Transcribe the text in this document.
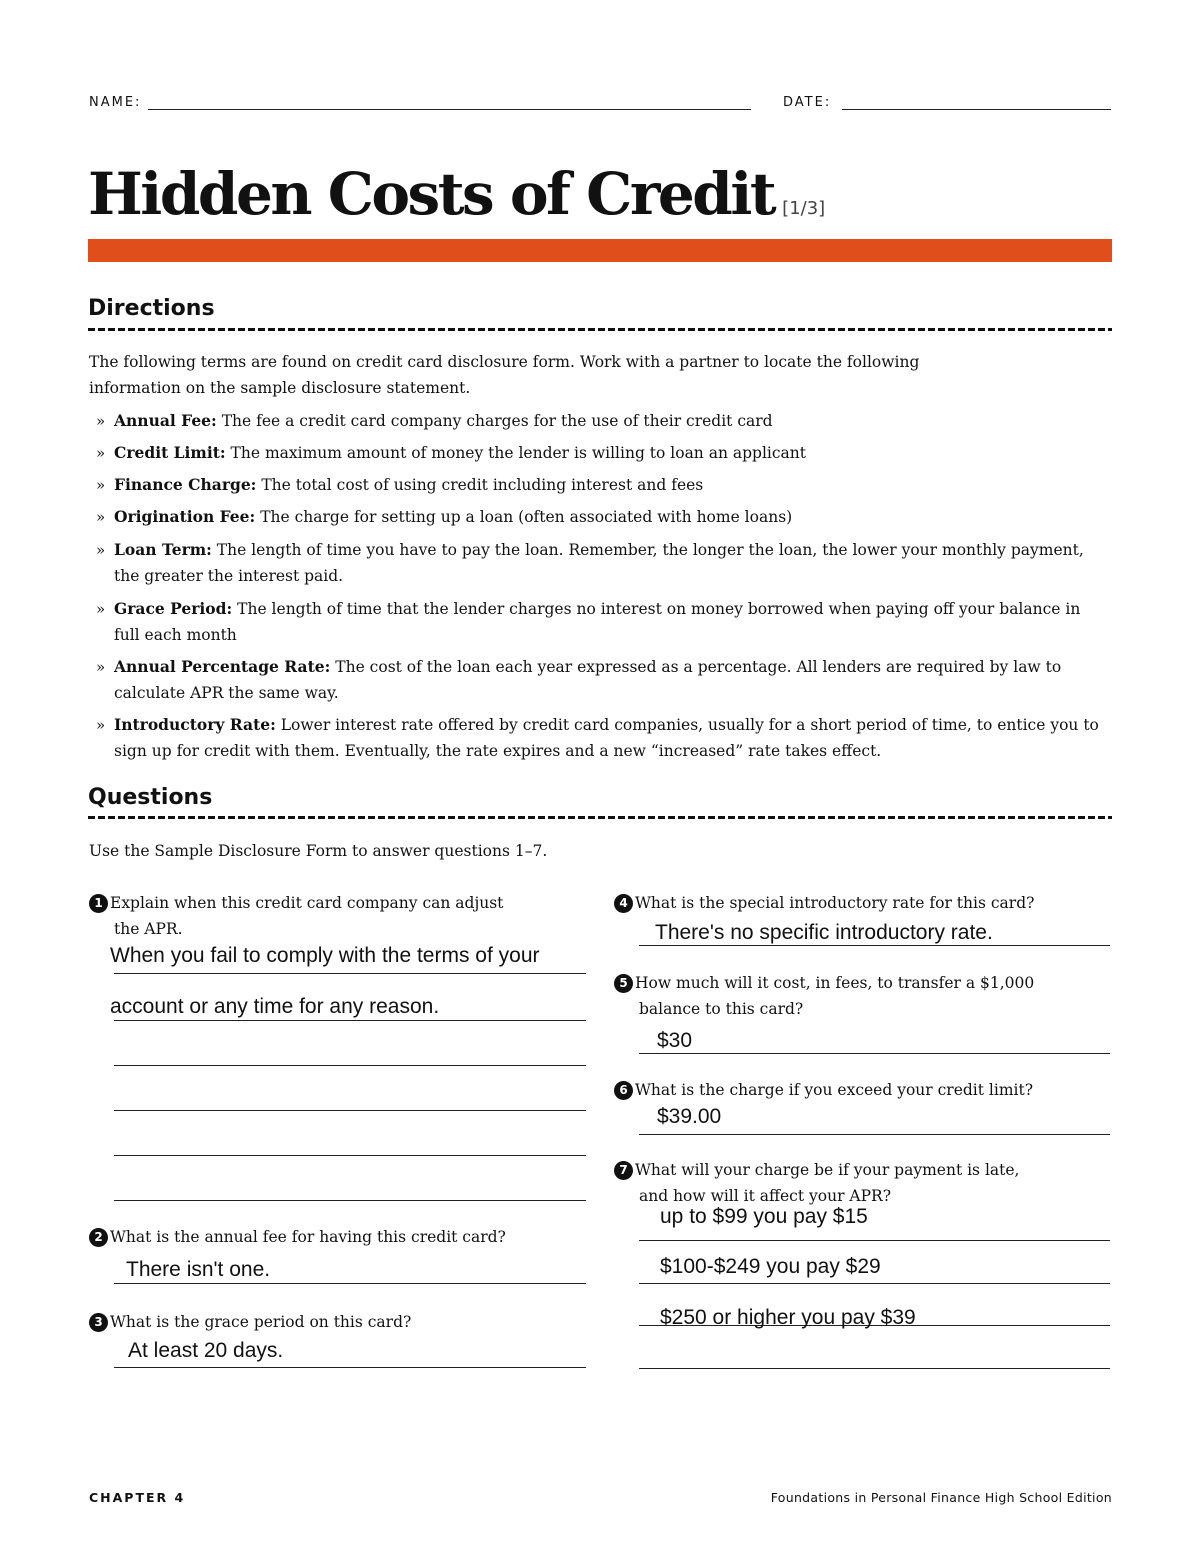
NAME:	DATE:
Hidden Costs of Credit [1/3]
Directions
The following terms are found on credit card disclosure form. Work with a partner to locate the following
information on the sample disclosure statement.
» Annual Fee: The fee a credit card company charges for the use of their credit card
» Credit Limit: The maximum amount of money the lender is willing to loan an applicant
» Finance Charge: The total cost of using credit including interest and fees
» Origination Fee: The charge for setting up a loan (often associated with home loans)
» Loan Term: The length of time you have to pay the loan. Remember, the longer the loan, the lower your monthly payment, the greater the interest paid.
» Grace Period: The length of time that the lender charges no interest on money borrowed when paying off your balance in full each month
» Annual Percentage Rate: The cost of the loan each year expressed as a percentage. All lenders are required by law to calculate APR the same way.
» Introductory Rate: Lower interest rate offered by credit card companies, usually for a short period of time, to entice you to sign up for credit with them. Eventually, the rate expires and a new “increased” rate takes effect.
Questions
Use the Sample Disclosure Form to answer questions 1–7.
1 Explain when this credit card company can adjust
the APR.
When you fail to comply with the terms of your
account or any time for any reason.
2 What is the annual fee for having this credit card?
There isn't one.
3 What is the grace period on this card?
At least 20 days.
4 What is the special introductory rate for this card?
There's no specific introductory rate.
5 How much will it cost, in fees, to transfer a $1,000
balance to this card?
$30
6 What is the charge if you exceed your credit limit?
$39.00
7 What will your charge be if your payment is late,
and how will it affect your APR?
up to $99 you pay $15
$100-$249 you pay $29
$250 or higher you pay $39
CHAPTER 4	Foundations in Personal Finance High School Edition
